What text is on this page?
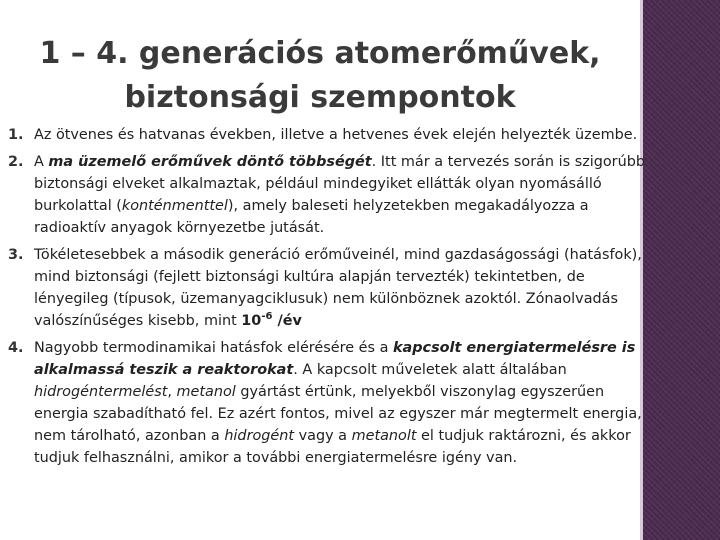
1 – 4. generációs atomerőművek,
biztonsági szempontok
1. Az ötvenes és hatvanas években, illetve a hetvenes évek elején helyezték üzembe.
2. A ma üzemelő erőművek döntő többségét. Itt már a tervezés során is szigorúbb biztonsági elveket alkalmaztak, például mindegyiket ellátták olyan nyomásálló burkolattal (konténmenttel), amely baleseti helyzetekben megakadályozza a radioaktív anyagok környezetbe jutását.
3. Tökéletesebbek a második generáció erőműveinél, mind gazdaságossági (hatásfok), mind biztonsági (fejlett biztonsági kultúra alapján tervezték) tekintetben, de lényegileg (típusok, üzemanyagciklusuk) nem különböznek azoktól. Zónaolvadás valószínűséges kisebb, mint $10^{-6}$ /év
4. Nagyobb termodinamikai hatásfok elérésére és a kapcsolt energiatermelésre is alkalmassá teszik a reaktorokat. A kapcsolt műveletek alatt általában hidrogéntermelést, metanol gyártást értünk, melyekből viszonylag egyszerűen energia szabadítható fel. Ez azért fontos, mivel az egyszer már megtermelt energia, nem tárolható, azonban a hidrogént vagy a metanolt el tudjuk raktározni, és akkor tudjuk felhasználni, amikor a további energiatermelésre igény van.
